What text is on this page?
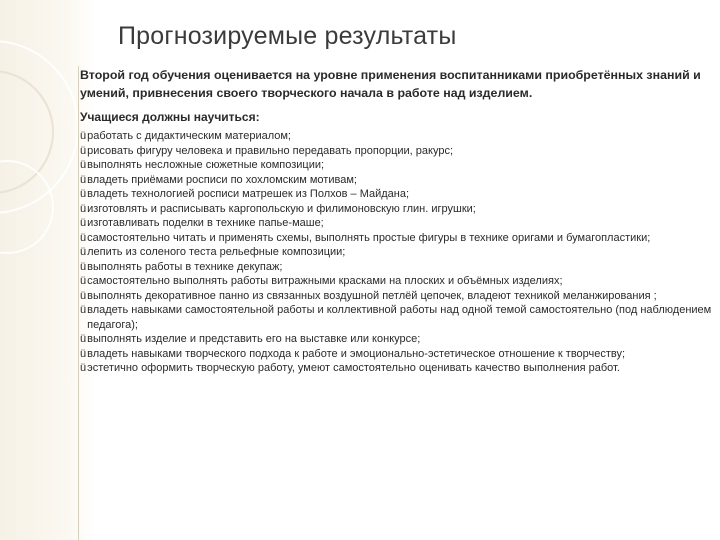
Прогнозируемые результаты

Второй год обучения оценивается на уровне применения воспитанниками приобретённых знаний и умений, привнесения своего творческого начала в работе над изделием.

Учащиеся должны научиться:

ü работать с дидактическим материалом;
ü рисовать фигуру человека и правильно передавать пропорции, ракурс;
ü выполнять несложные сюжетные композиции;
ü владеть приёмами росписи по хохломским мотивам;
ü владеть технологией росписи матрешек из Полхов – Майдана;
ü изготовлять и расписывать каргопольскую и филимоновскую глин. игрушки;
ü изготавливать поделки в технике папье-маше;
ü самостоятельно читать и применять схемы, выполнять простые фигуры в технике оригами и бумагопластики;
ü лепить из соленого теста рельефные композиции;
ü выполнять работы в технике декупаж;
ü самостоятельно выполнять работы витражными красками на плоских и объёмных изделиях;
ü выполнять декоративное панно из связанных воздушной петлёй цепочек, владеют техникой меланжирования ;
ü владеть навыками самостоятельной работы и коллективной работы над одной темой самостоятельно (под наблюдением педагога);
ü выполнять изделие и представить его на выставке или конкурсе;
ü владеть навыками творческого подхода к работе и эмоционально-эстетическое отношение к творчеству;
ü эстетично оформить творческую работу, умеют самостоятельно оценивать качество выполнения работ.
